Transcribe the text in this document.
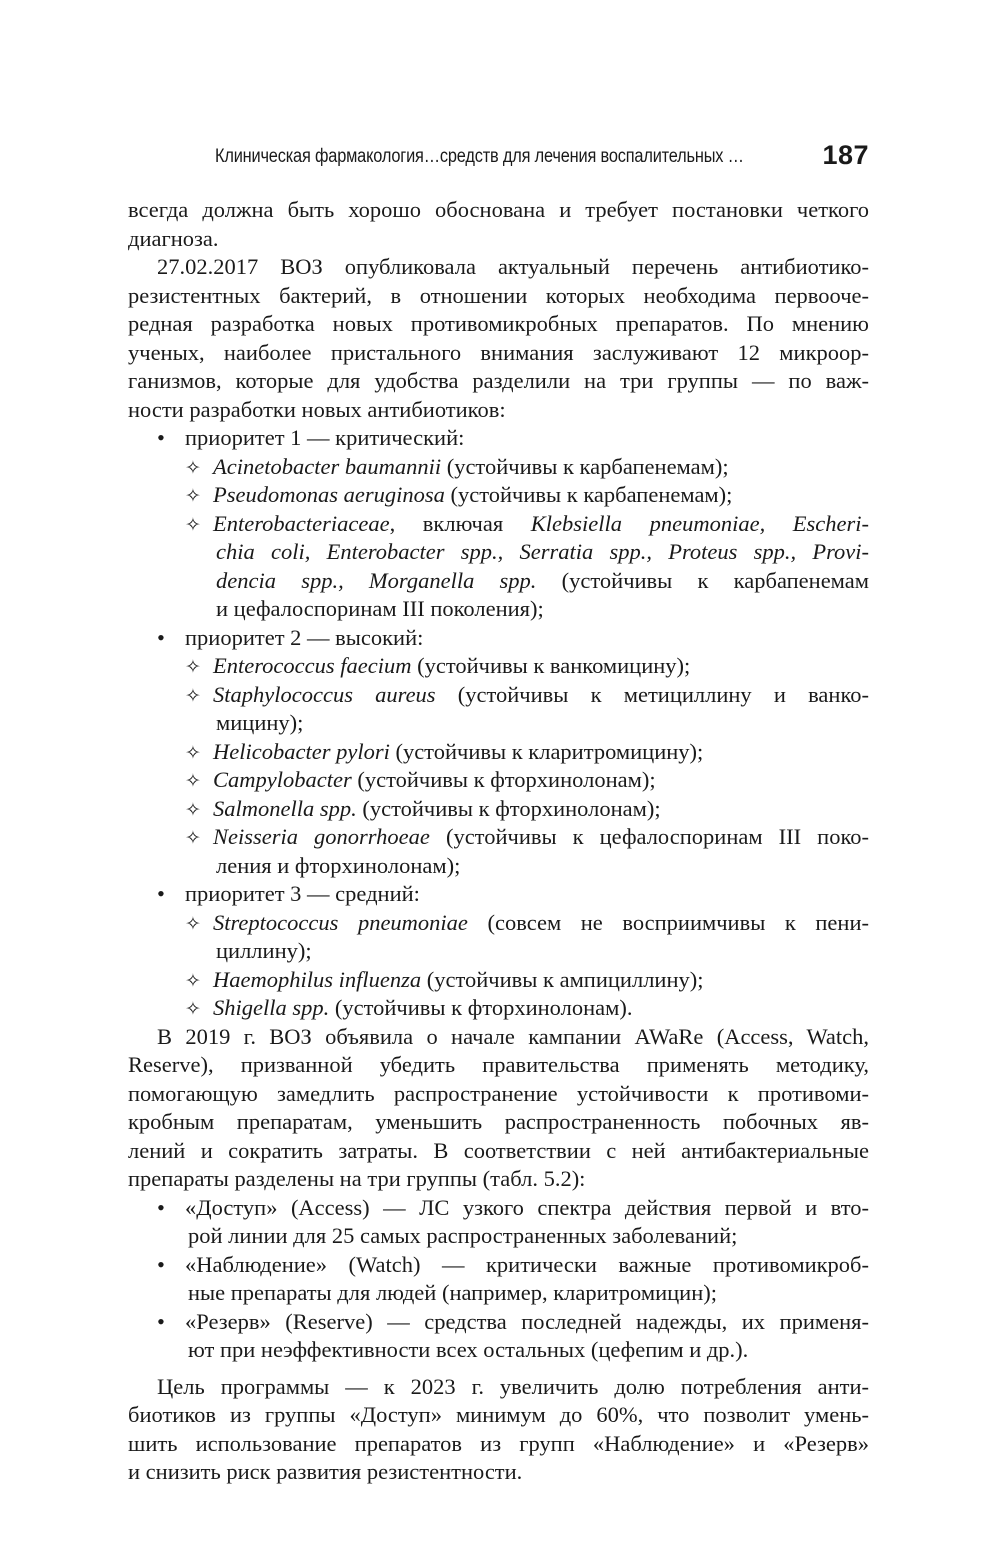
Клиническая фармакология…средств для лечения воспалительных …	187
всегда должна быть хорошо обоснована и требует постановки четкого
диагноза.
27.02.2017 ВОЗ опубликовала актуальный перечень антибиотико-
резистентных бактерий, в отношении которых необходима первооче-
редная разработка новых противомикробных препаратов. По мнению
ученых, наиболее пристального внимания заслуживают 12 микроор-
ганизмов, которые для удобства разделили на три группы — по важ-
ности разработки новых антибиотиков:
• приоритет 1 — критический:
✧ Acinetobacter baumannii (устойчивы к карбапенемам);
✧ Pseudomonas aeruginosa (устойчивы к карбапенемам);
✧ Enterobacteriaceae, включая Klebsiella pneumoniae, Escheri-
chia coli, Enterobacter spp., Serratia spp., Proteus spp., Provi-
dencia spp., Morganella spp. (устойчивы к карбапенемам
и цефалоспоринам III поколения);
• приоритет 2 — высокий:
✧ Enterococcus faecium (устойчивы к ванкомицину);
✧ Staphylococcus aureus (устойчивы к метициллину и ванко-
мицину);
✧ Helicobacter pylori (устойчивы к кларитромицину);
✧ Campylobacter (устойчивы к фторхинолонам);
✧ Salmonella spp. (устойчивы к фторхинолонам);
✧ Neisseria gonorrhoeae (устойчивы к цефалоспоринам III поко-
ления и фторхинолонам);
• приоритет 3 — средний:
✧ Streptococcus pneumoniae (совсем не восприимчивы к пени-
циллину);
✧ Haemophilus influenza (устойчивы к ампициллину);
✧ Shigella spp. (устойчивы к фторхинолонам).
В 2019 г. ВОЗ объявила о начале кампании AWaRe (Access, Watch,
Reserve), призванной убедить правительства применять методику,
помогающую замедлить распространение устойчивости к противоми-
кробным препаратам, уменьшить распространенность побочных яв-
лений и сократить затраты. В соответствии с ней антибактериальные
препараты разделены на три группы (табл. 5.2):
• «Доступ» (Access) — ЛС узкого спектра действия первой и вто-
рой линии для 25 самых распространенных заболеваний;
• «Наблюдение» (Watch) — критически важные противомикроб-
ные препараты для людей (например, кларитромицин);
• «Резерв» (Reserve) — средства последней надежды, их применя-
ют при неэффективности всех остальных (цефепим и др.).
Цель программы — к 2023 г. увеличить долю потребления анти-
биотиков из группы «Доступ» минимум до 60%, что позволит умень-
шить использование препаратов из групп «Наблюдение» и «Резерв»
и снизить риск развития резистентности.
